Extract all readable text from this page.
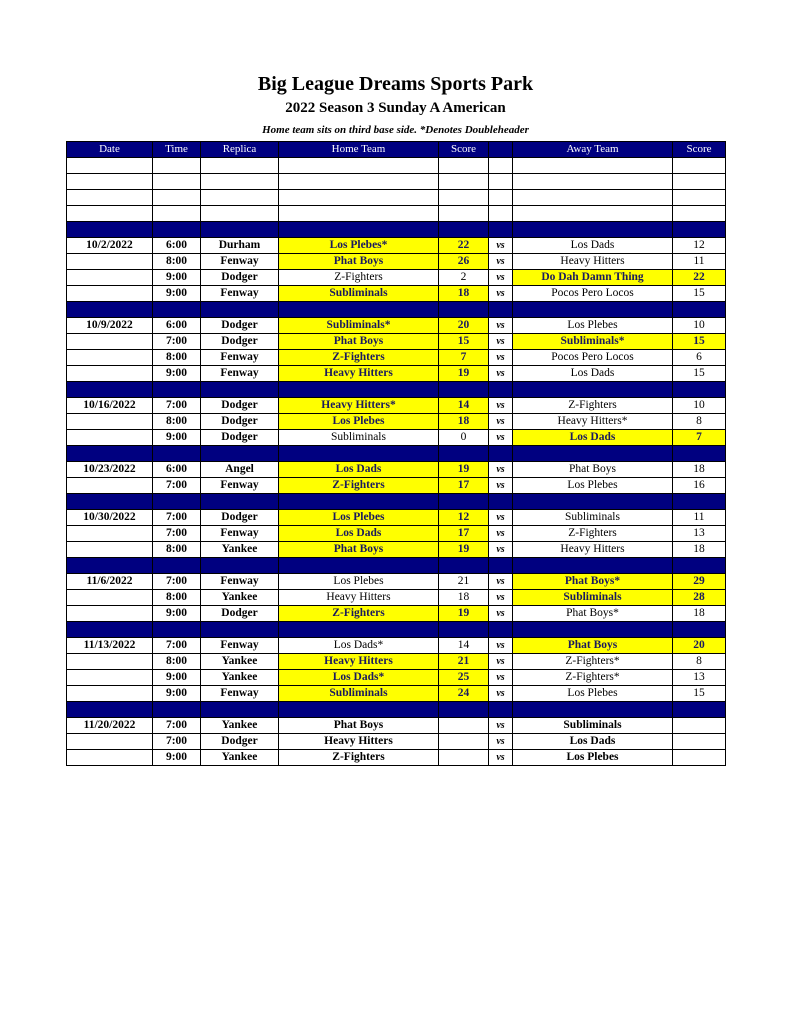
Big League Dreams Sports Park
2022 Season 3 Sunday A American
Home team sits on third base side. *Denotes Doubleheader
Date	Time	Replica	Home Team	Score		Away Team	Score

10/2/2022	6:00	Durham	Los Plebes*	22	vs	Los Dads	12
	8:00	Fenway	Phat Boys	26	vs	Heavy Hitters	11
	9:00	Dodger	Z-Fighters	2	vs	Do Dah Damn Thing	22
	9:00	Fenway	Subliminals	18	vs	Pocos Pero Locos	15

10/9/2022	6:00	Dodger	Subliminals*	20	vs	Los Plebes	10
	7:00	Dodger	Phat Boys	15	vs	Subliminals*	15
	8:00	Fenway	Z-Fighters	7	vs	Pocos Pero Locos	6
	9:00	Fenway	Heavy Hitters	19	vs	Los Dads	15

10/16/2022	7:00	Dodger	Heavy Hitters*	14	vs	Z-Fighters	10
	8:00	Dodger	Los Plebes	18	vs	Heavy Hitters*	8
	9:00	Dodger	Subliminals	0	vs	Los Dads	7

10/23/2022	6:00	Angel	Los Dads	19	vs	Phat Boys	18
	7:00	Fenway	Z-Fighters	17	vs	Los Plebes	16

10/30/2022	7:00	Dodger	Los Plebes	12	vs	Subliminals	11
	7:00	Fenway	Los Dads	17	vs	Z-Fighters	13
	8:00	Yankee	Phat Boys	19	vs	Heavy Hitters	18

11/6/2022	7:00	Fenway	Los Plebes	21	vs	Phat Boys*	29
	8:00	Yankee	Heavy Hitters	18	vs	Subliminals	28
	9:00	Dodger	Z-Fighters	19	vs	Phat Boys*	18

11/13/2022	7:00	Fenway	Los Dads*	14	vs	Phat Boys	20
	8:00	Yankee	Heavy Hitters	21	vs	Z-Fighters*	8
	9:00	Yankee	Los Dads*	25	vs	Z-Fighters*	13
	9:00	Fenway	Subliminals	24	vs	Los Plebes	15

11/20/2022	7:00	Yankee	Phat Boys		vs	Subliminals	
	7:00	Dodger	Heavy Hitters		vs	Los Dads	
	9:00	Yankee	Z-Fighters		vs	Los Plebes	
